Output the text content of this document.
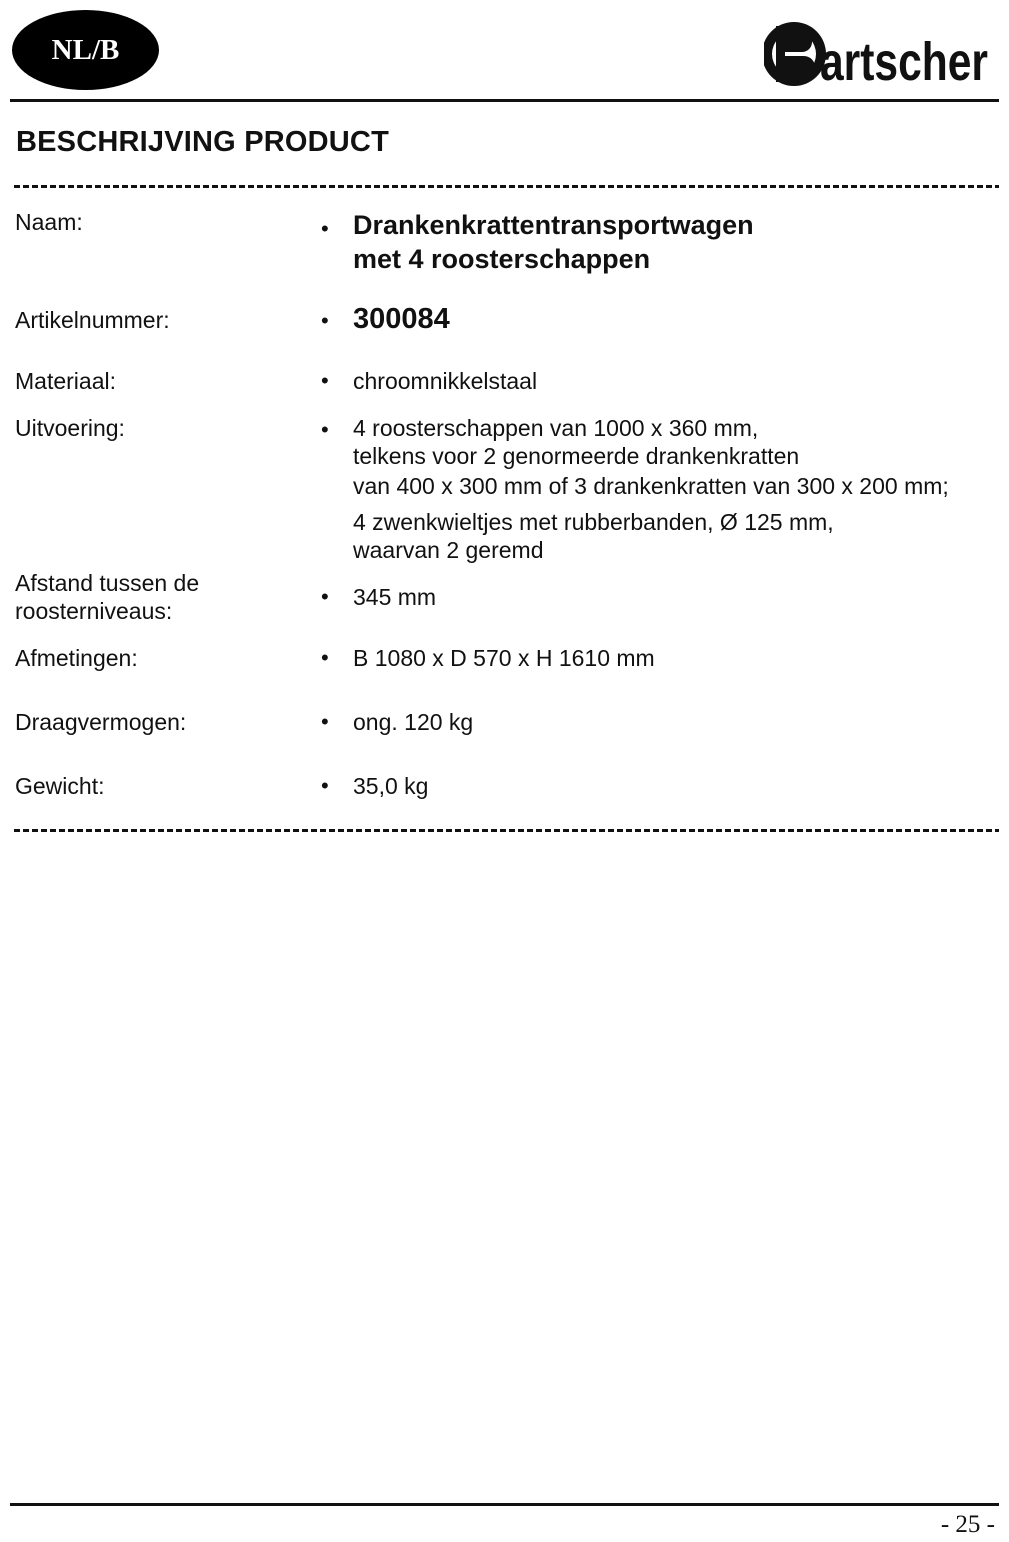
NL/B	artscher
BESCHRIJVING PRODUCT
Naam:	• Drankenkrattentransportwagen
met 4 roosterschappen
Artikelnummer:	• 300084
Materiaal:	• chroomnikkelstaal
Uitvoering:	• 4 roosterschappen van 1000 x 360 mm,
telkens voor 2 genormeerde drankenkratten
van 400 x 300 mm of 3 drankenkratten van 300 x 200 mm;
4 zwenkwieltjes met rubberbanden, Ø 125 mm,
waarvan 2 geremd
Afstand tussen de
roosterniveaus:
• 345 mm
Afmetingen:	• B 1080 x D 570 x H 1610 mm
Draagvermogen:	• ong. 120 kg
Gewicht:	• 35,0 kg
- 25 -
